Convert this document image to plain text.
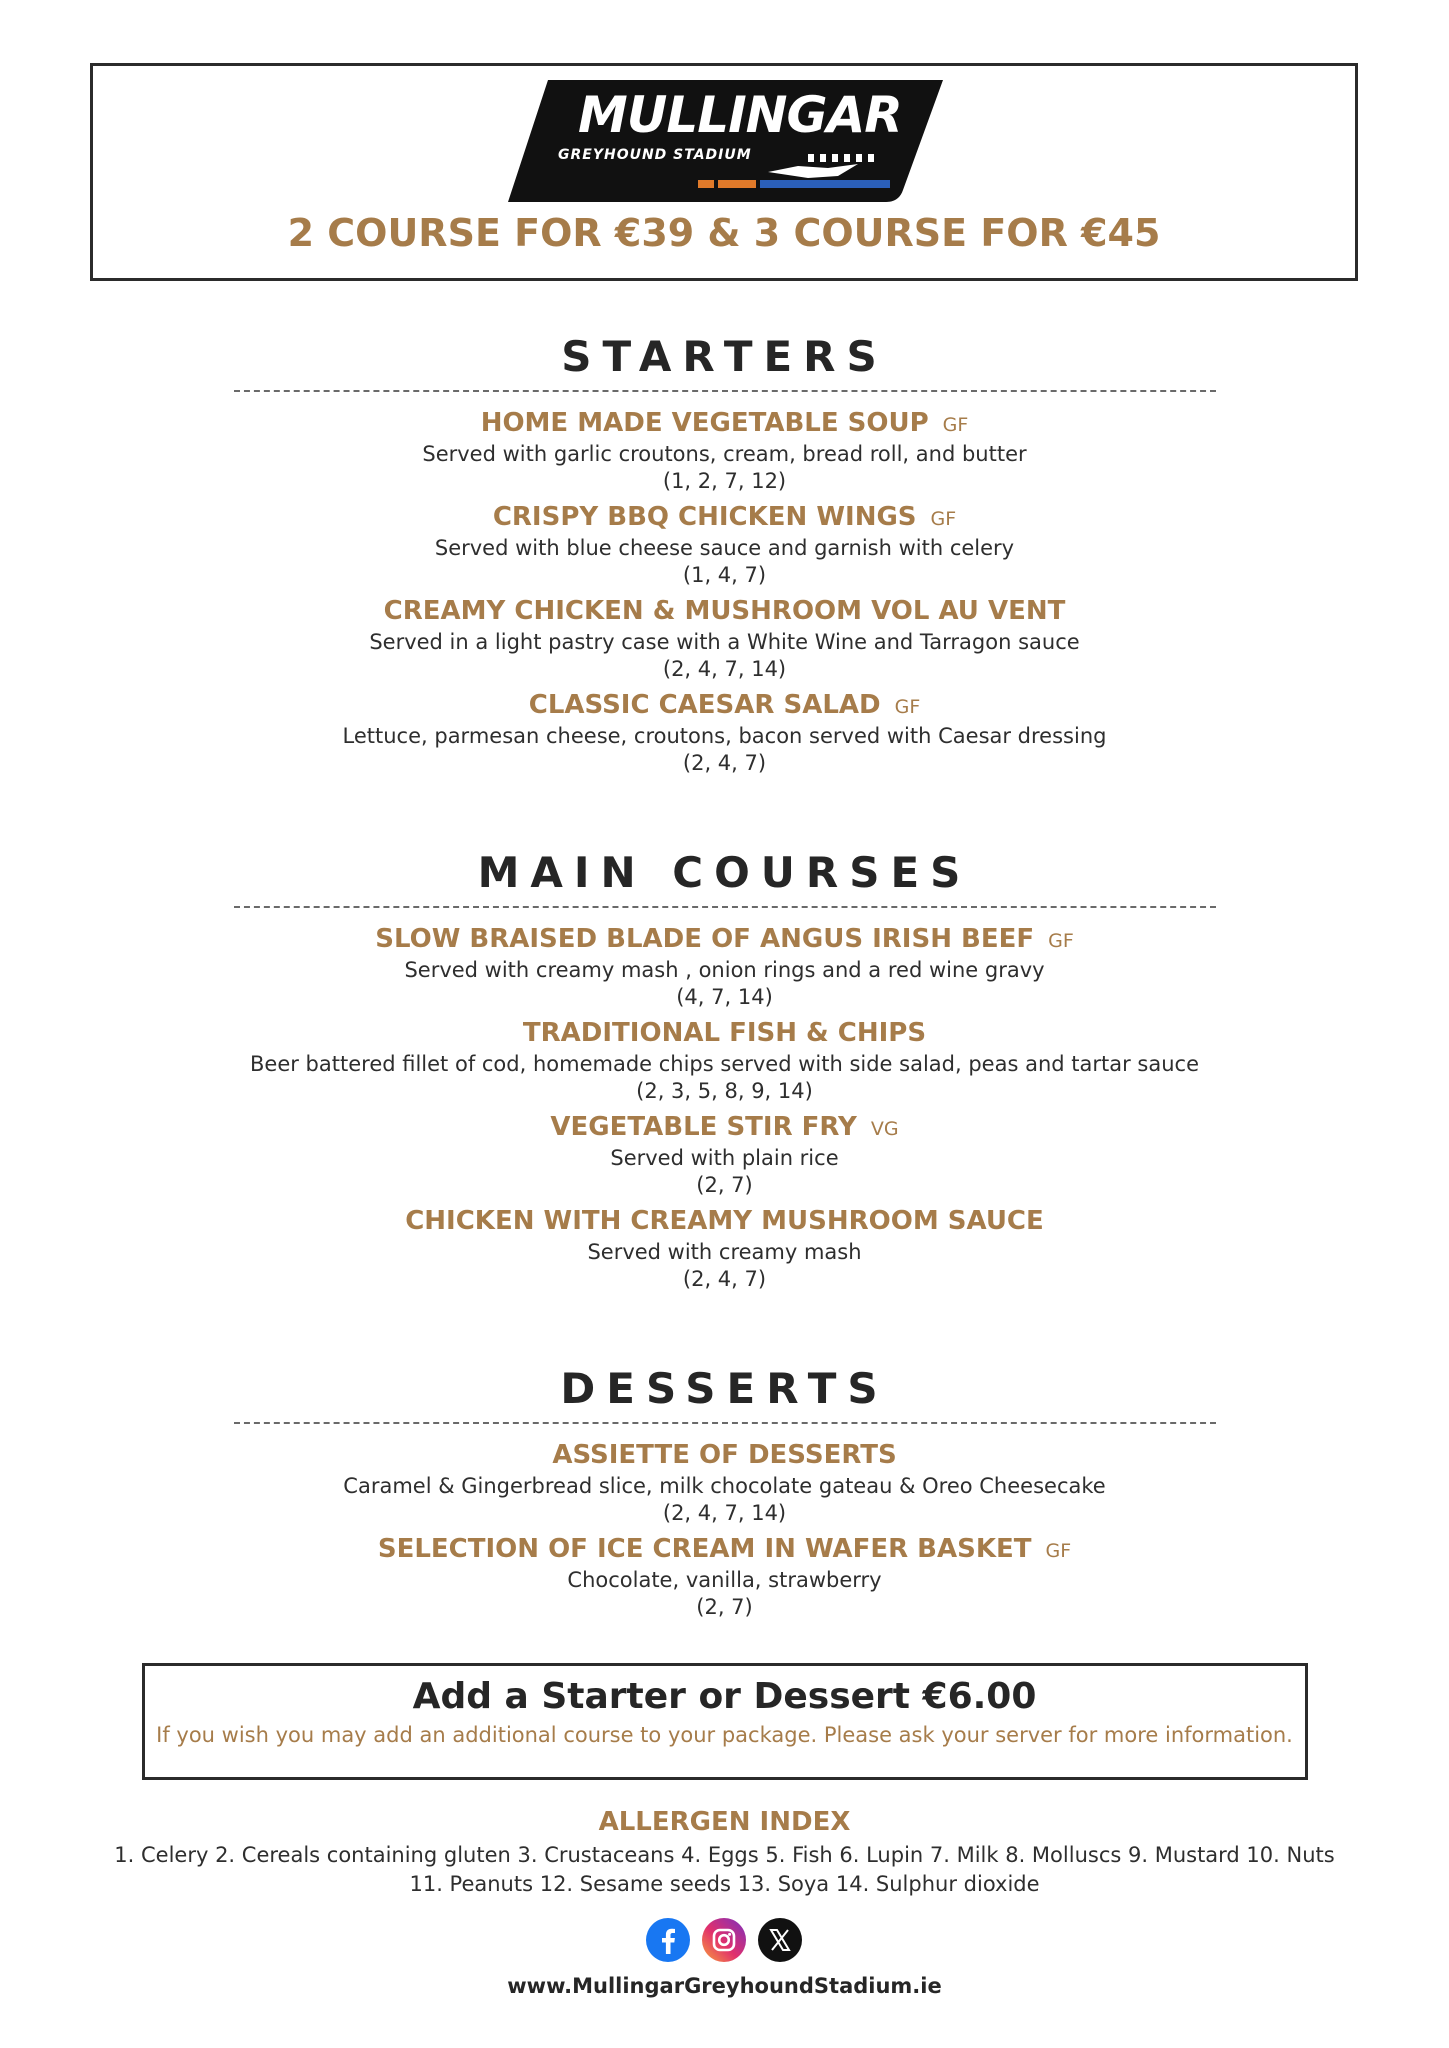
MULLINGAR
GREYHOUND STADIUM
2 COURSE FOR €39 & 3 COURSE FOR €45
STARTERS
HOME MADE VEGETABLE SOUP GF
Served with garlic croutons, cream, bread roll, and butter
(1, 2, 7, 12)
CRISPY BBQ CHICKEN WINGS GF
Served with blue cheese sauce and garnish with celery
(1, 4, 7)
CREAMY CHICKEN & MUSHROOM VOL AU VENT
Served in a light pastry case with a White Wine and Tarragon sauce
(2, 4, 7, 14)
CLASSIC CAESAR SALAD GF
Lettuce, parmesan cheese, croutons, bacon served with Caesar dressing
(2, 4, 7)
MAIN COURSES
SLOW BRAISED BLADE OF ANGUS IRISH BEEF GF
Served with creamy mash , onion rings and a red wine gravy
(4, 7, 14)
TRADITIONAL FISH & CHIPS
Beer battered fillet of cod, homemade chips served with side salad, peas and tartar sauce
(2, 3, 5, 8, 9, 14)
VEGETABLE STIR FRY VG
Served with plain rice
(2, 7)
CHICKEN WITH CREAMY MUSHROOM SAUCE
Served with creamy mash
(2, 4, 7)
DESSERTS
ASSIETTE OF DESSERTS
Caramel & Gingerbread slice, milk chocolate gateau & Oreo Cheesecake
(2, 4, 7, 14)
SELECTION OF ICE CREAM IN WAFER BASKET GF
Chocolate, vanilla, strawberry
(2, 7)
Add a Starter or Dessert €6.00
If you wish you may add an additional course to your package. Please ask your server for more information.
ALLERGEN INDEX
1. Celery 2. Cereals containing gluten 3. Crustaceans 4. Eggs 5. Fish 6. Lupin 7. Milk 8. Molluscs 9. Mustard 10. Nuts
11. Peanuts 12. Sesame seeds 13. Soya 14. Sulphur dioxide
www.MullingarGreyhoundStadium.ie
